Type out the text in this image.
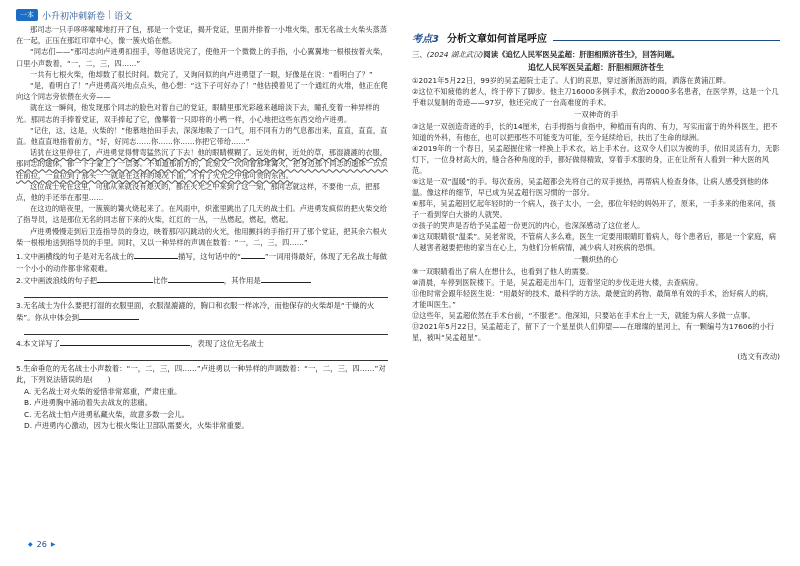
一本 小升初冲刺新卷 | 语文

那司志一只手哆哆嗦嗦地打开了包，那是一个党证，揭开党证，里面并排着一小堆火柴，那无名战士火柴头蒸蒸在一起，正压在那红印章中心，像一簇火焰在燃。

“同志们——”那司志向卢进勇扣扭手，等他话说完了，使他开一个微微上的手指，小心翼翼地一根根按着火柴，口里小声数着，“一，二，三，四……”

一共有七根火柴，他却数了很长时间。数完了，又询问似的向卢进勇望了一眼，好像是在说：“看明白了？”

“是，看明白了！”卢进勇高兴地点点头，他心想：“这下子可好办了！”他估摸着见了一个通红的火堆，他正在爬向这个同志旁依偎在火旁——

就在这一瞬间，他发现那个同志的脸色对着自己的党证，眼睛里那光彩越来越暗淡下去，瞳孔变着一种异样的光。那同志的手捧着党证，双手捧起了它，像攀着一只即将的小鸭一样，小心地把这些东西交给卢进勇。

“记住，这，这是，火柴的！”他慕地抬田手去，深深地吸了一口气，用不同有力的气息都出来，直直，直直，直直。他直直地指着前方，“好，好同志……你……你……你把它带给……”

话犹在这里停住了，卢进勇觉得臂弯猛然沉了下去！他的眼睛模糊了。远处的树，近处的草，那湿漉漉的衣服，那同志的遗体，都一下子蒙上了一层雾。不知道那前方的，此刻又一次向着那堆篝火，把身边那个同志的遗体一点点往前拉，一直拉到了那头一一就是在这样的境况下面，才有了火光之中那可贵的东西。

这位战士死在这里，可那从来就没有熄灭的，都在火光之中来到了这一刻，那同志就这样，不要他一点，把那点，他的手还举在那里……

在这边的暗夜里，一簇簇的篝火烧起来了。在风雨中，炽涨里跳出了几天的战士们。卢进勇发疯似的把火柴交给了指导员，这是那位无名的同志留下来的火柴，红红的一丛，一丛燃起，燃起，燃起。

卢进勇慢慢走到后卫连指导员的身边，映着那闪闪跳动的火光，他用颤抖的手指打开了那个党证，把其余六根火柴一根根地送到指导员的手里。同时，又以一种异样的声调在数着：“一，二，三，四……”

1.文中画横线的句子是对无名战士的	描写，这句话中的“	”一词用得最好，体现了无名战士每做一个小小的动作都非常艰难。
2.文中画波浪线的句子把	比作	，其作用是
3.无名战士为什么要把打湿的衣服里面，衣服湿漉漉的，胸口和衣服一样冰冷，而他保存的火柴却是“干燥的火柴”。你从中体会到
4.本文详写了	，表现了这位无名战士
5.生命垂危的无名战士小声数着：“一，二，三，四……”卢进勇以一种异样的声调数着：“一，二，三，四……”对此，下列说法错误的是(　　)
A. 无名战士对火柴的爱惜非常郑重，严肃庄重。
B. 卢进勇胸中涌动着失去战友的悲痛。
C. 无名战士怕卢进勇私藏火柴，故意多数一会儿。
D. 卢进勇内心激动，因为七根火柴让卫部队需要火，火柴非常重要。
◆ 26 ▶
考点3 分析文章如何首尾呼应
三、(2024 湖北武汉)阅读《追忆人民军医吴孟超：肝胆相照济苍生》，回答问题。
追忆人民军医吴孟超：肝胆相照济苍生

①2021年5月22日，99岁的吴孟超院士走了。人们的哀思，穿过浙淅沥沥的雨，洒落在黄浦江畔。

②这位不知疲倦的老人，终于停下了脚步。他主刀16000多例手术，救治20000多名患者，在医学界，这是一个几乎难以复制的奇迹——97岁，他还完成了一台高难度的手术。

一双神奇的手

③这是一双创造奇迹的手，长的14厘米，右手拇指与食指中，种植而有肉的、有力，写实而富于的外科医生，把不知道的外科，有他在，也可以把那些不可能变为可能，至今延续给后，扶出了生命的绿洲。

④2019年的一个春日，吴孟超握住常一样换上手术衣，站上手术台。这双令人们以为被的手，依旧灵活有力，无影灯下，一位身材高大的，缝合各种角度的手，都好做得精致，穿着手术服的身，正在让所有人看到一种大医的风范。

⑤这是一双“温暖”的手。每次查房，吴孟超都会先将自己的双手搓热，再帮病人检查身体，让病人感受到他的体温。像这样的细节，早已成为吴孟超行医习惯的一部分。

⑥那年，吴孟超回忆起年轻时的一个病人，孩子太小，一会，那位年轻的妈妈开了，原来，一手多来的他来问，孩子一看到穿白大褂的人就哭。

⑦孩子的哭声是否给予吴孟超一份更沉的内心，也深深感动了这位老人。

⑧这双眼睛很“温柔”。吴老常说，不管病人多么难，医生一定要用眼睛盯着病人，每个患者后，都是一个家庭，病人越害者越要把他的家当在心上，为他们分析病情，减少病人对疾病的恐惧。

一颗炽热的心

⑨一双眼睛看出了病人在想什么，也看到了他人的需要。

⑩清晨，车停到医院楼下。于是，吴孟超走出车门，迈着坚定的步伐走进大楼，去查病房。

⑪他时常会跟年轻医生说：“用最好的技术、最科学的方法、最便宜的药物、最简单有效的手术，治好病人的病，才能叫医生。”

⑫这些年，吴孟超依然在手术台前，“不服老”。他深知，只要站在手术台上一天，就能为病人多做一点事。

⑬2021年5月22日，吴孟超走了，留下了一个星星供人们仰望——在璀璨的星河上，有一颗编号为17606的小行星，被叫“吴孟超星”。

(选文有改动)
